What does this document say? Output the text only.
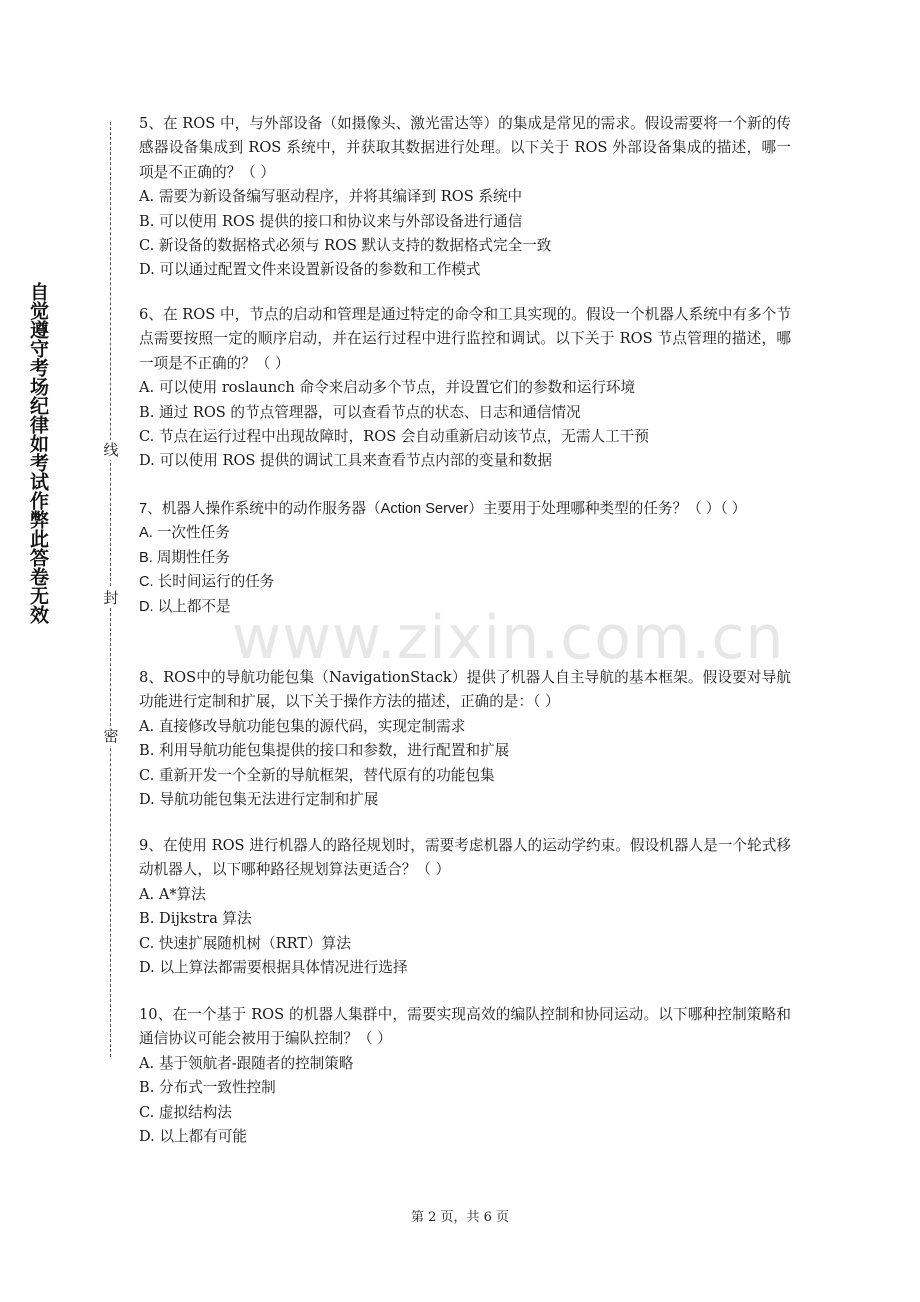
自觉遵守考场纪律如考试作弊此答卷无效	线
封
密
www.zixin.com.cn

5、在 ROS 中，与外部设备（如摄像头、激光雷达等）的集成是常见的需求。假设需要将一个新的传感器设备集成到 ROS 系统中，并获取其数据进行处理。以下关于 ROS 外部设备集成的描述，哪一项是不正确的？（ ）

A. 需要为新设备编写驱动程序，并将其编译到 ROS 系统中

B. 可以使用 ROS 提供的接口和协议来与外部设备进行通信

C. 新设备的数据格式必须与 ROS 默认支持的数据格式完全一致

D. 可以通过配置文件来设置新设备的参数和工作模式

6、在 ROS 中，节点的启动和管理是通过特定的命令和工具实现的。假设一个机器人系统中有多个节点需要按照一定的顺序启动，并在运行过程中进行监控和调试。以下关于 ROS 节点管理的描述，哪一项是不正确的？（ ）

A. 可以使用 roslaunch 命令来启动多个节点，并设置它们的参数和运行环境

B. 通过 ROS 的节点管理器，可以查看节点的状态、日志和通信情况

C. 节点在运行过程中出现故障时，ROS 会自动重新启动该节点，无需人工干预

D. 可以使用 ROS 提供的调试工具来查看节点内部的变量和数据

7、机器人操作系统中的动作服务器（Action Server）主要用于处理哪种类型的任务？（ ）（ ）

A. 一次性任务

B. 周期性任务

C. 长时间运行的任务

D. 以上都不是

8、ROS中的导航功能包集（NavigationStack）提供了机器人自主导航的基本框架。假设要对导航功能进行定制和扩展，以下关于操作方法的描述，正确的是：（ ）

A. 直接修改导航功能包集的源代码，实现定制需求

B. 利用导航功能包集提供的接口和参数，进行配置和扩展

C. 重新开发一个全新的导航框架，替代原有的功能包集

D. 导航功能包集无法进行定制和扩展

9、在使用 ROS 进行机器人的路径规划时，需要考虑机器人的运动学约束。假设机器人是一个轮式移动机器人，以下哪种路径规划算法更适合？（ ）

A. A*算法

B. Dijkstra 算法

C. 快速扩展随机树（RRT）算法

D. 以上算法都需要根据具体情况进行选择

10、在一个基于 ROS 的机器人集群中，需要实现高效的编队控制和协同运动。以下哪种控制策略和通信协议可能会被用于编队控制？（ ）

A. 基于领航者-跟随者的控制策略

B. 分布式一致性控制

C. 虚拟结构法

D. 以上都有可能

第 2 页，共 6 页
